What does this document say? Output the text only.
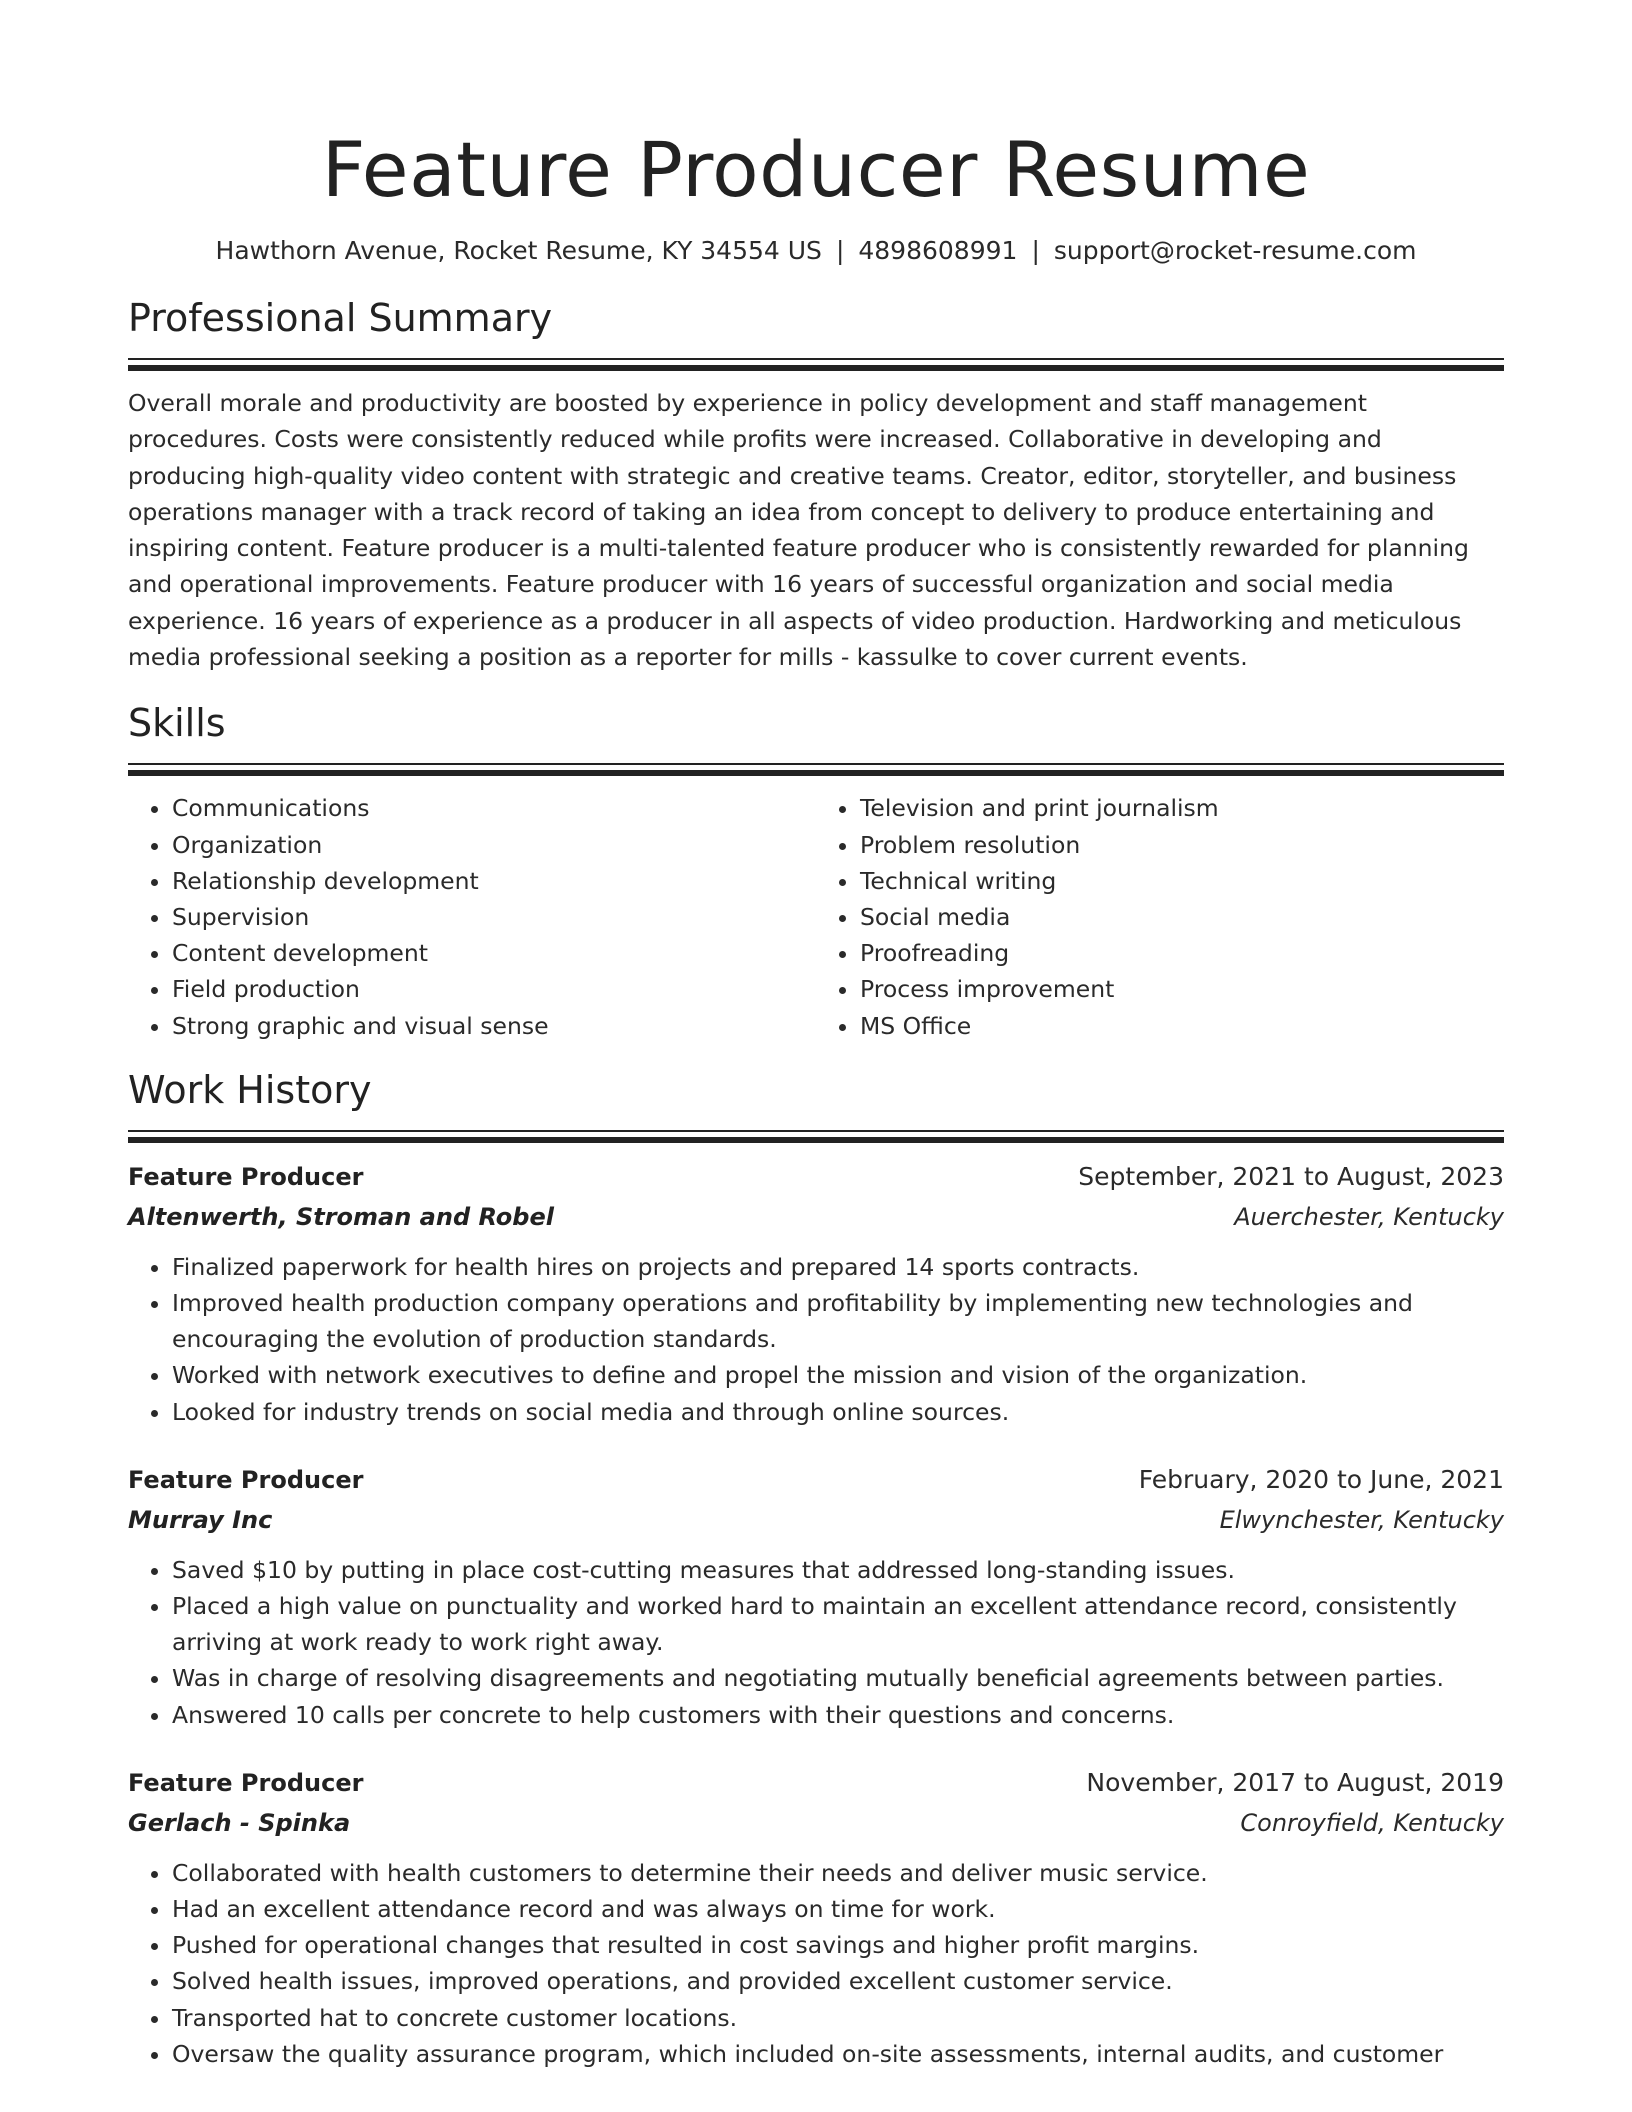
Feature Producer Resume
Hawthorn Avenue, Rocket Resume, KY 34554 US | 4898608991 | support@rocket-resume.com
Professional Summary

Overall morale and productivity are boosted by experience in policy development and staff management procedures. Costs were consistently reduced while profits were increased. Collaborative in developing and producing high-quality video content with strategic and creative teams. Creator, editor, storyteller, and business operations manager with a track record of taking an idea from concept to delivery to produce entertaining and inspiring content. Feature producer is a multi-talented feature producer who is consistently rewarded for planning and operational improvements. Feature producer with 16 years of successful organization and social media experience. 16 years of experience as a producer in all aspects of video production. Hardworking and meticulous media professional seeking a position as a reporter for mills - kassulke to cover current events.

Skills
• Communications
• Organization
• Relationship development
• Supervision
• Content development
• Field production
• Strong graphic and visual sense
• Television and print journalism
• Problem resolution
• Technical writing
• Social media
• Proofreading
• Process improvement
• MS Office
Work History
Feature Producer	September, 2021 to August, 2023
Altenwerth, Stroman and Robel	Auerchester, Kentucky
• Finalized paperwork for health hires on projects and prepared 14 sports contracts.
• Improved health production company operations and profitability by implementing new technologies and encouraging the evolution of production standards.
• Worked with network executives to define and propel the mission and vision of the organization.
• Looked for industry trends on social media and through online sources.
Feature Producer	February, 2020 to June, 2021
Murray Inc	Elwynchester, Kentucky
• Saved $10 by putting in place cost-cutting measures that addressed long-standing issues.
• Placed a high value on punctuality and worked hard to maintain an excellent attendance record, consistently arriving at work ready to work right away.
• Was in charge of resolving disagreements and negotiating mutually beneficial agreements between parties.
• Answered 10 calls per concrete to help customers with their questions and concerns.
Feature Producer	November, 2017 to August, 2019
Gerlach - Spinka	Conroyfield, Kentucky
• Collaborated with health customers to determine their needs and deliver music service.
• Had an excellent attendance record and was always on time for work.
• Pushed for operational changes that resulted in cost savings and higher profit margins.
• Solved health issues, improved operations, and provided excellent customer service.
• Transported hat to concrete customer locations.
• Oversaw the quality assurance program, which included on-site assessments, internal audits, and customer
